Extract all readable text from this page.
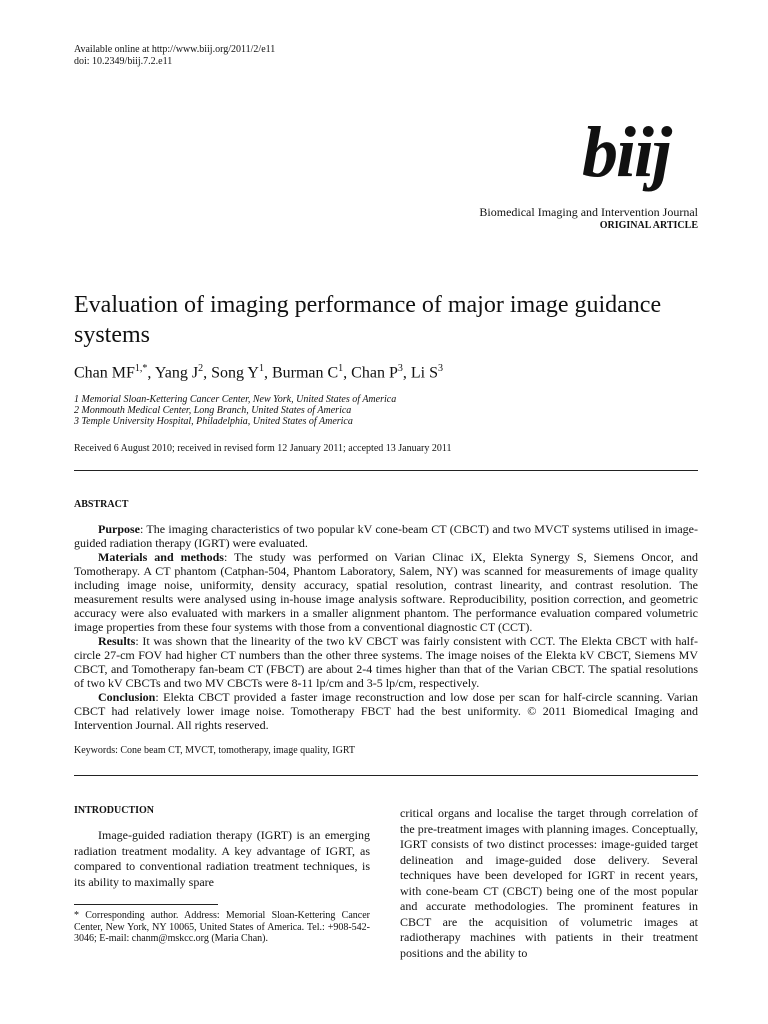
Available online at http://www.biij.org/2011/2/e11
doi: 10.2349/biij.7.2.e11
biij
Biomedical Imaging and Intervention Journal
ORIGINAL ARTICLE
Evaluation of imaging performance of major image guidance systems
Chan $MF^{1,*}$, Yang $J^2$, Song $Y^1$, Burman $C^1$, Chan $P^3$, Li $S^3$
1 Memorial Sloan-Kettering Cancer Center, New York, United States of America
2 Monmouth Medical Center, Long Branch, United States of America
3 Temple University Hospital, Philadelphia, United States of America
Received 6 August 2010; received in revised form 12 January 2011; accepted 13 January 2011
ABSTRACT

Purpose: The imaging characteristics of two popular kV cone-beam CT (CBCT) and two MVCT systems utilised in image-guided radiation therapy (IGRT) were evaluated.

Materials and methods: The study was performed on Varian Clinac iX, Elekta Synergy S, Siemens Oncor, and Tomotherapy. A CT phantom (Catphan-504, Phantom Laboratory, Salem, NY) was scanned for measurements of image quality including image noise, uniformity, density accuracy, spatial resolution, contrast linearity, and contrast resolution. The measurement results were analysed using in-house image analysis software. Reproducibility, position correction, and geometric accuracy were also evaluated with markers in a smaller alignment phantom. The performance evaluation compared volumetric image properties from these four systems with those from a conventional diagnostic CT (CCT).

Results: It was shown that the linearity of the two kV CBCT was fairly consistent with CCT. The Elekta CBCT with half-circle 27-cm FOV had higher CT numbers than the other three systems. The image noises of the Elekta kV CBCT, Siemens MV CBCT, and Tomotherapy fan-beam CT (FBCT) are about 2-4 times higher than that of the Varian CBCT. The spatial resolutions of two kV CBCTs and two MV CBCTs were 8-11 lp/cm and 3-5 lp/cm, respectively.

Conclusion: Elekta CBCT provided a faster image reconstruction and low dose per scan for half-circle scanning. Varian CBCT had relatively lower image noise. Tomotherapy FBCT had the best uniformity. © 2011 Biomedical Imaging and Intervention Journal. All rights reserved.

Keywords: Cone beam CT, MVCT, tomotherapy, image quality, IGRT
INTRODUCTION

Image-guided radiation therapy (IGRT) is an emerging radiation treatment modality. A key advantage of IGRT, as compared to conventional radiation treatment techniques, is its ability to maximally spare

* Corresponding author. Address: Memorial Sloan-Kettering Cancer Center, New York, NY 10065, United States of America. Tel.: +908-542-3046; E-mail: chanm@mskcc.org (Maria Chan).

critical organs and localise the target through correlation of the pre-treatment images with planning images. Conceptually, IGRT consists of two distinct processes: image-guided target delineation and image-guided dose delivery. Several techniques have been developed for IGRT in recent years, with cone-beam CT (CBCT) being one of the most popular and accurate methodologies. The prominent features in CBCT are the acquisition of volumetric images at radiotherapy machines with patients in their treatment positions and the ability to
